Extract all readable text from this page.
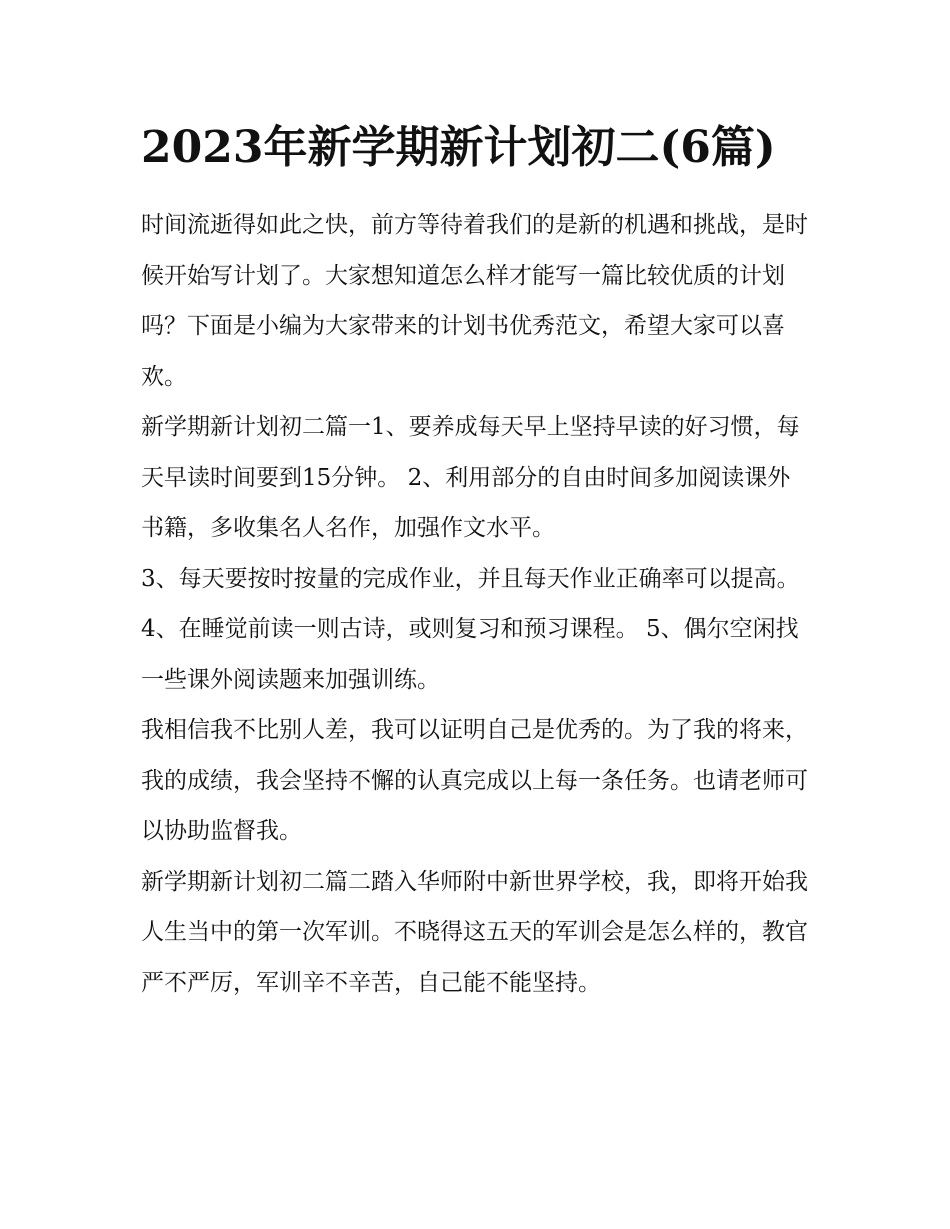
2023年新学期新计划初二(6篇)

时间流逝得如此之快，前方等待着我们的是新的机遇和挑战，是时候开始写计划了。大家想知道怎么样才能写一篇比较优质的计划吗？下面是小编为大家带来的计划书优秀范文，希望大家可以喜欢。

新学期新计划初二篇一1、要养成每天早上坚持早读的好习惯，每天早读时间要到15分钟。 2、利用部分的自由时间多加阅读课外书籍，多收集名人名作，加强作文水平。

3、每天要按时按量的完成作业，并且每天作业正确率可以提高。 4、在睡觉前读一则古诗，或则复习和预习课程。 5、偶尔空闲找一些课外阅读题来加强训练。

我相信我不比别人差，我可以证明自己是优秀的。为了我的将来，我的成绩，我会坚持不懈的认真完成以上每一条任务。也请老师可以协助监督我。

新学期新计划初二篇二踏入华师附中新世界学校，我，即将开始我人生当中的第一次军训。不晓得这五天的军训会是怎么样的，教官严不严厉，军训辛不辛苦，自己能不能坚持。
